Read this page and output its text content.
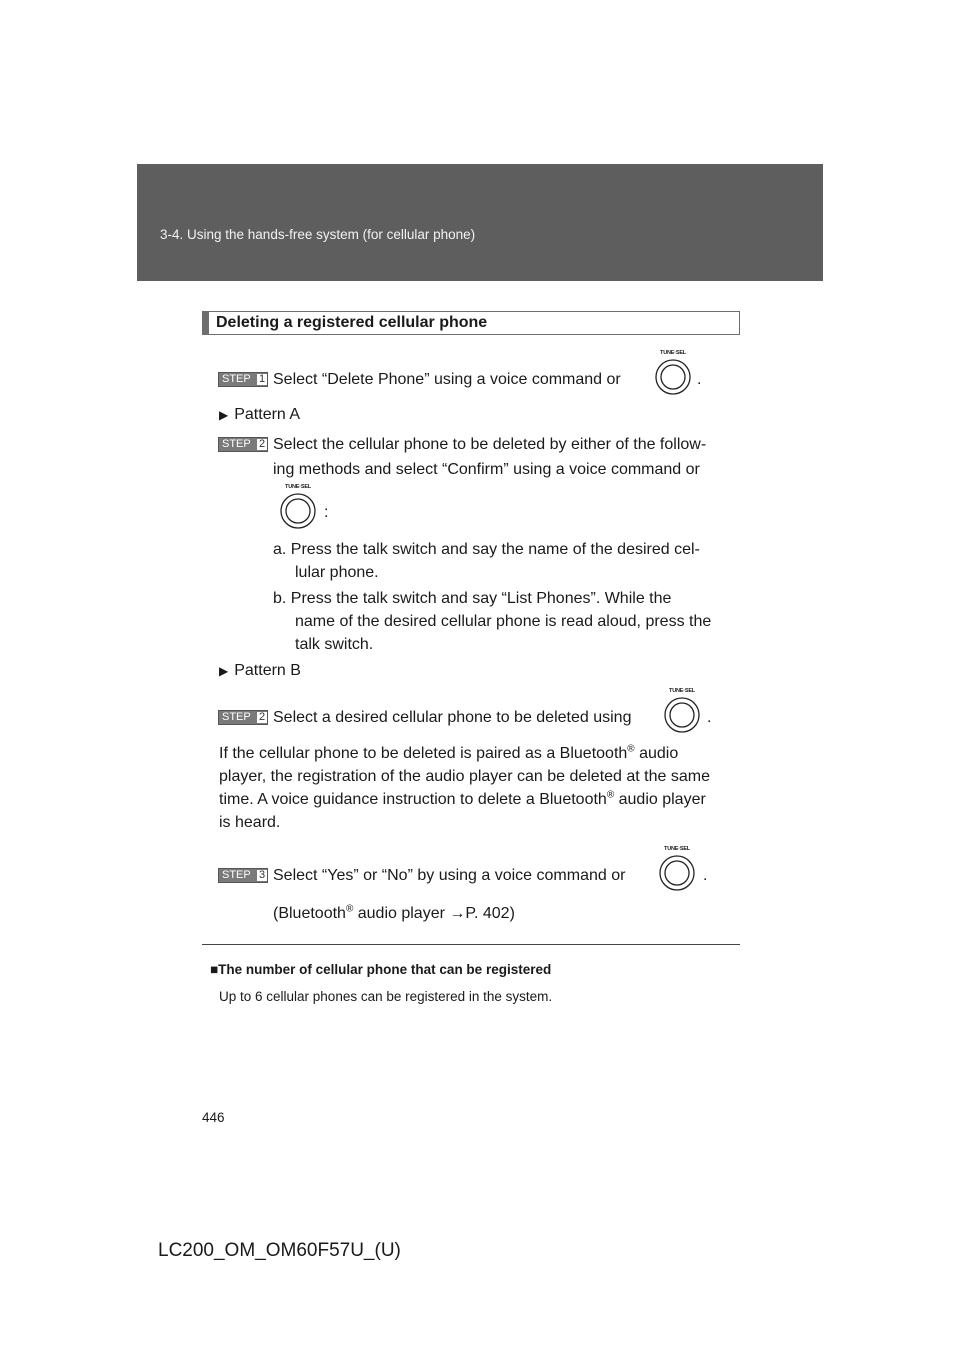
3-4. Using the hands-free system (for cellular phone)
Deleting a registered cellular phone
STEP 1 Select “Delete Phone” using a voice command or
TUNE·SEL
.
▶ Pattern A
STEP 2 Select the cellular phone to be deleted by either of the follow-
ing methods and select “Confirm” using a voice command or
TUNE·SEL
:
a. Press the talk switch and say the name of the desired cel-
lular phone.
b. Press the talk switch and say “List Phones”. While the
name of the desired cellular phone is read aloud, press the
talk switch.
▶ Pattern B
STEP 2 Select a desired cellular phone to be deleted using
TUNE·SEL
.
If the cellular phone to be deleted is paired as a Bluetooth® audio
player, the registration of the audio player can be deleted at the same
time. A voice guidance instruction to delete a Bluetooth® audio player
is heard.
STEP 3 Select “Yes” or “No” by using a voice command or
TUNE·SEL
.
(Bluetooth® audio player →P. 402)
■The number of cellular phone that can be registered
Up to 6 cellular phones can be registered in the system.
446
LC200_OM_OM60F57U_(U)
